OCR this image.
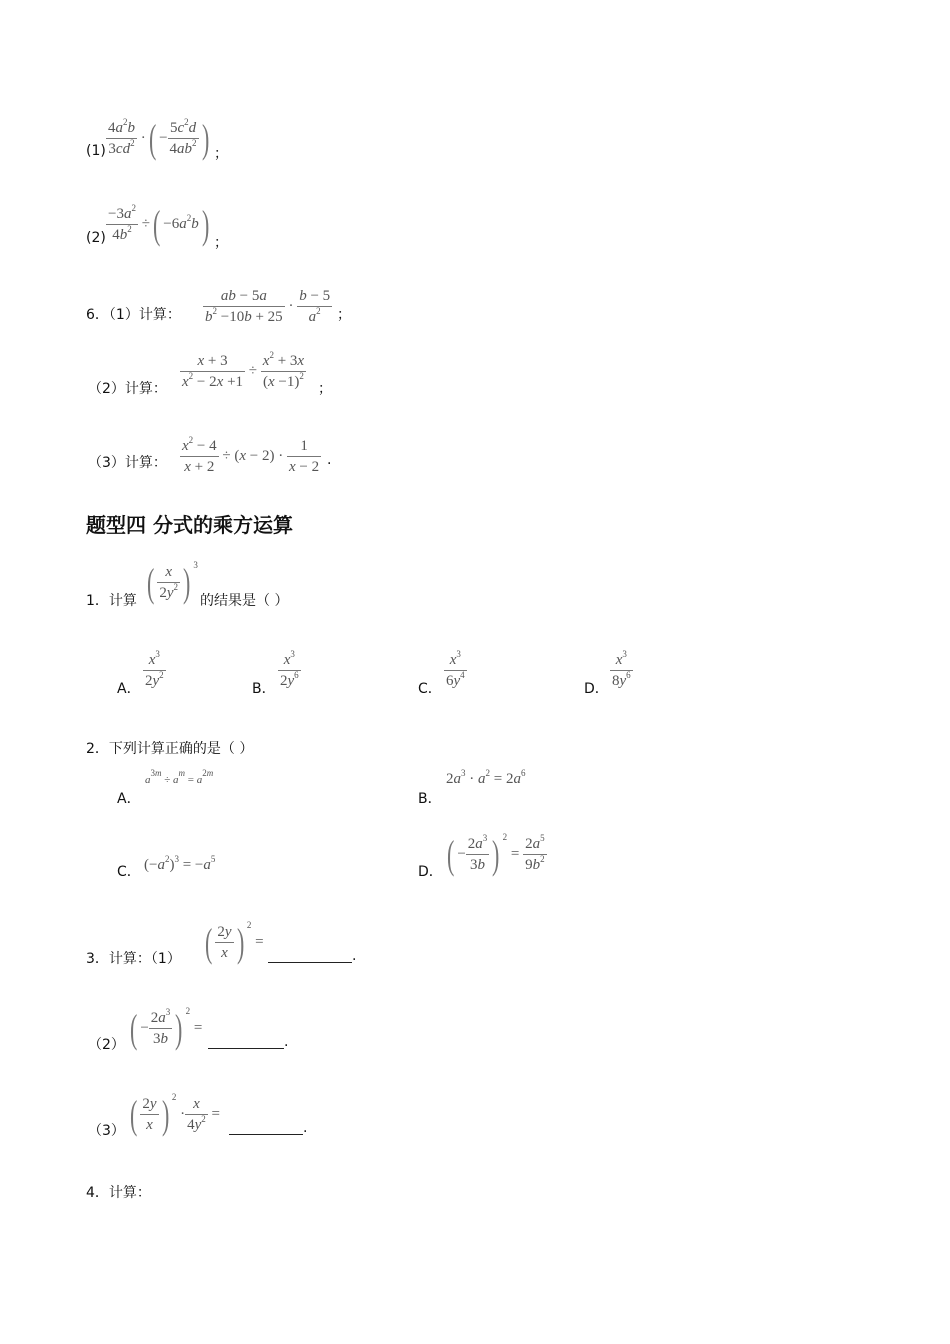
$(1) \frac{4a^2b}{3cd^2}$ ·( − $\frac{5c^2d}{4ab^2}$ ) ；
$(2) \frac{-3a^2}{4b^2}$ ÷( $-6a^2b$) ；
6．（1）计算： $\frac{ab - 5a}{b^2 -10b + 25} \cdot \frac{b - 5}{a^2}$ ；
（2）计算： $\frac{x + 3}{x^2 - 2x +1} \div \frac{x^2 + 3x}{(x -1)^2}$ ；
（3）计算： $\frac{x^2 - 4}{x + 2} \div (x - 2) \cdot \frac{1}{x - 2}$ .
题型四 分式的乘方运算
1．计算 ( $\frac{x}{2y^2}$ ) $^3$
的结果是（ ）
A． $\frac{x^3}{2y^2}$	B． $\frac{x^3}{2y^6}$	C． $\frac{x^3}{6y^4}$	D． $\frac{x^3}{8y^6}$
2．下列计算正确的是（ ）
A．
$a^{3m} \div a^m = a^{2m}$
B．
$2a^3 \cdot a^2 = 2a^6$
C． $(-a^2)^3 = -a^5$
D． ( − $\frac{2a^3}{3b}$ ) $^2 = \frac{2a^5}{9b^2}$
3．计算：（1） ( $\frac{2y}{x}$ ) $^2$ =
.
（2） ( − $\frac{2a^3}{3b}$ ) $^2$ =
.
（3） ( $\frac{2y}{x}$ ) $^2 \cdot \frac{x}{4y^2}$ =
.
4．计算：
